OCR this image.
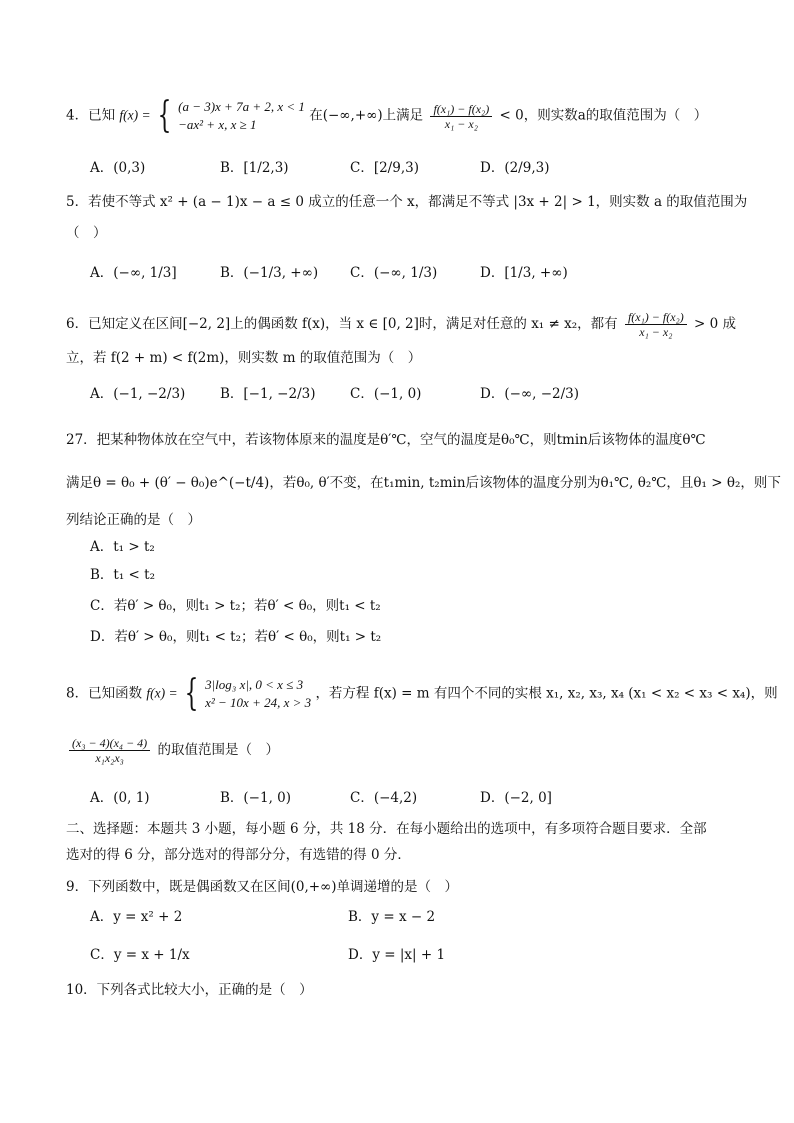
4．已知 f(x) = { (a − 3)x + 7a + 2, x < 1
−ax² + x, x ≥ 1 在(−∞,+∞)上满足 $\frac{\text{f(x₁) − f(x₂)}}{\text{x₁ − x₂}} < 0$，则实数a的取值范围为（　）
A．(0,3)	B．[1/2,3)	C．[2/9,3)	D．(2/9,3)
5．若使不等式 x² + (a − 1)x − a ≤ 0 成立的任意一个 x，都满足不等式 |3x + 2| > 1，则实数 a 的取值范围为
（　）
A．(−∞, 1/3]	B．(−1/3, +∞)	C．(−∞, 1/3)	D．[1/3, +∞)
6．已知定义在区间[−2, 2]上的偶函数 f(x)，当 x ∈ [0, 2]时，满足对任意的 x₁ ≠ x₂，都有 $\frac{\text{f(x₁) − f(x₂)}}{\text{x₁ − x₂}} > 0$ 成
立，若 f(2 + m) < f(2m)，则实数 m 的取值范围为（　）
A．(−1, −2/3)	B．[−1, −2/3)	C．(−1, 0)	D．(−∞, −2/3)
27．把某种物体放在空气中，若该物体原来的温度是θ′℃，空气的温度是θ₀℃，则tmin后该物体的温度θ℃
满足θ = θ₀ + (θ′ − θ₀)e^(−t/4)，若θ₀, θ′不变，在t₁min, t₂min后该物体的温度分别为θ₁℃, θ₂℃，且θ₁ > θ₂，则下
列结论正确的是（　）
A．t₁ > t₂
B．t₁ < t₂
C．若θ′ > θ₀，则t₁ > t₂；若θ′ < θ₀，则t₁ < t₂
D．若θ′ > θ₀，则t₁ < t₂；若θ′ < θ₀，则t₁ > t₂
8．已知函数 f(x) = { 3|log₃ x|, 0 < x ≤ 3
x² − 10x + 24, x > 3 ，若方程 f(x) = m 有四个不同的实根 x₁, x₂, x₃, x₄ (x₁ < x₂ < x₃ < x₄)，则
$\frac{\text{(x₃ − 4)(x₄ − 4)}}{\text{x₁x₂x₃}}$ 的取值范围是（　）
A．(0, 1)	B．(−1, 0)	C．(−4,2)	D．(−2, 0]
二、选择题：本题共 3 小题，每小题 6 分，共 18 分．在每小题给出的选项中，有多项符合题目要求．全部
选对的得 6 分，部分选对的得部分分，有选错的得 0 分．
9．下列函数中，既是偶函数又在区间(0,+∞)单调递增的是（　）
A．y = x² + 2	B．y = x − 2
C．y = x + 1/x	D．y = |x| + 1
10．下列各式比较大小，正确的是（　）
